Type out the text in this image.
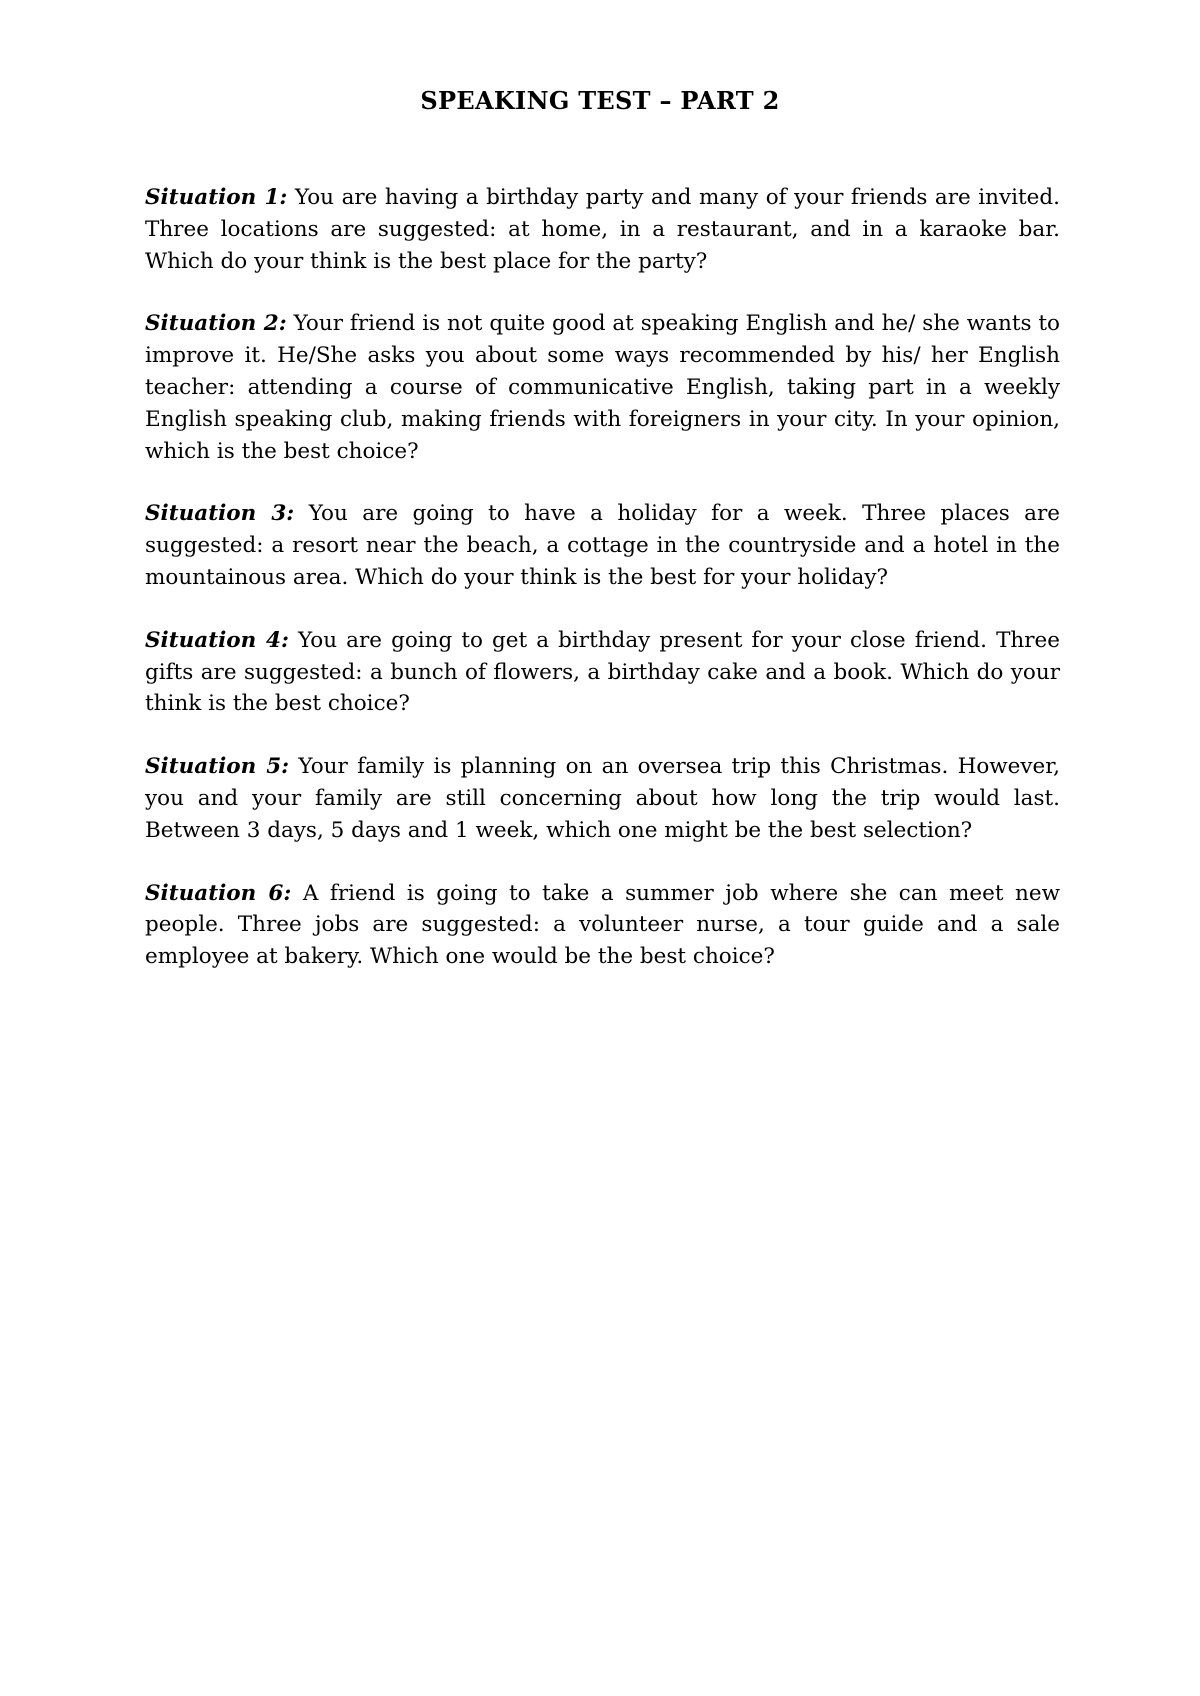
SPEAKING TEST – PART 2

Situation 1: You are having a birthday party and many of your friends are invited. Three locations are suggested: at home, in a restaurant, and in a karaoke bar. Which do your think is the best place for the party?

Situation 2: Your friend is not quite good at speaking English and he/ she wants to improve it. He/She asks you about some ways recommended by his/ her English teacher: attending a course of communicative English, taking part in a weekly English speaking club, making friends with foreigners in your city. In your opinion, which is the best choice?

Situation 3: You are going to have a holiday for a week. Three places are suggested: a resort near the beach, a cottage in the countryside and a hotel in the mountainous area. Which do your think is the best for your holiday?

Situation 4: You are going to get a birthday present for your close friend. Three gifts are suggested: a bunch of flowers, a birthday cake and a book. Which do your think is the best choice?

Situation 5: Your family is planning on an oversea trip this Christmas. However, you and your family are still concerning about how long the trip would last. Between 3 days, 5 days and 1 week, which one might be the best selection?

Situation 6: A friend is going to take a summer job where she can meet new people. Three jobs are suggested: a volunteer nurse, a tour guide and a sale employee at bakery. Which one would be the best choice?
